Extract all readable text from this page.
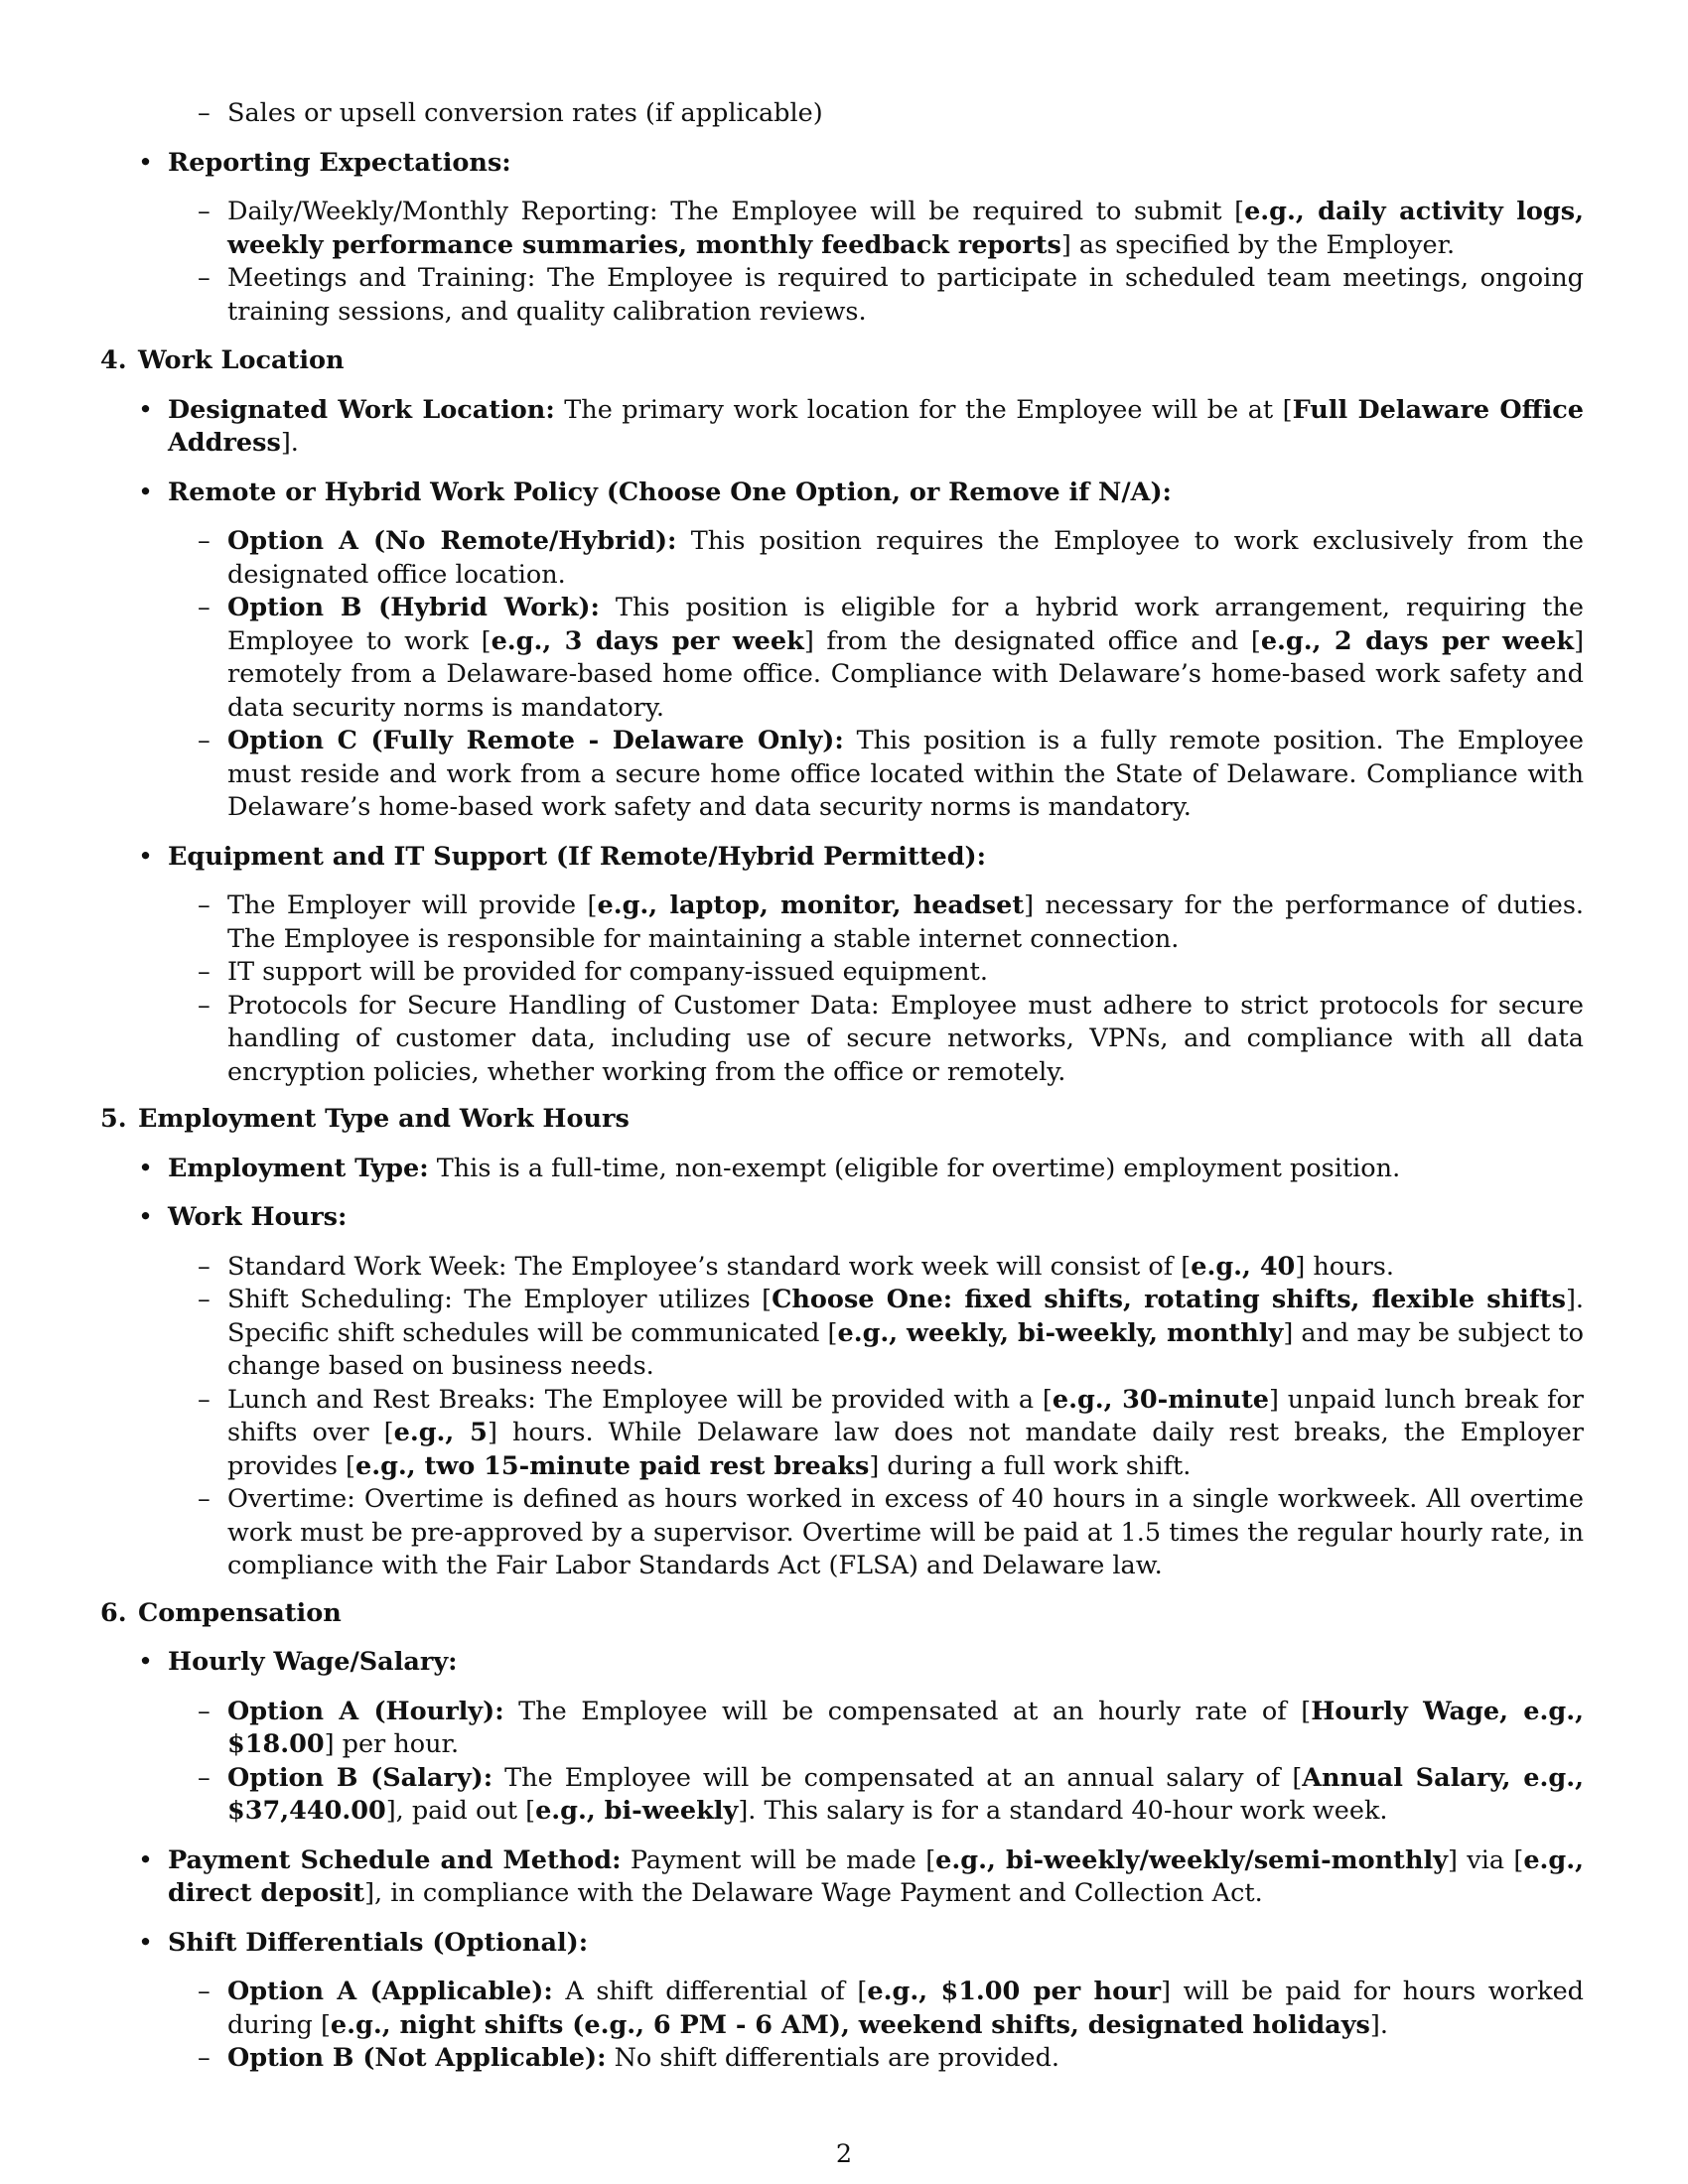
– Sales or upsell conversion rates (if applicable)
• Reporting Expectations:
– Daily/Weekly/Monthly Reporting: The Employee will be required to submit [e.g., daily activity logs, weekly performance summaries, monthly feedback reports] as specified by the Employer.
– Meetings and Training: The Employee is required to participate in scheduled team meetings, ongoing training sessions, and quality calibration reviews.
4. Work Location
• Designated Work Location: The primary work location for the Employee will be at [Full Delaware Office Address].
• Remote or Hybrid Work Policy (Choose One Option, or Remove if N/A):
– Option A (No Remote/Hybrid): This position requires the Employee to work exclusively from the designated office location.
– Option B (Hybrid Work): This position is eligible for a hybrid work arrangement, requiring the Employee to work [e.g., 3 days per week] from the designated office and [e.g., 2 days per week] remotely from a Delaware-based home office. Compliance with Delaware’s home-based work safety and data security norms is mandatory.
– Option C (Fully Remote - Delaware Only): This position is a fully remote position. The Employee must reside and work from a secure home office located within the State of Delaware. Compliance with Delaware’s home-based work safety and data security norms is mandatory.
• Equipment and IT Support (If Remote/Hybrid Permitted):
– The Employer will provide [e.g., laptop, monitor, headset] necessary for the performance of duties. The Employee is responsible for maintaining a stable internet connection.
– IT support will be provided for company-issued equipment.
– Protocols for Secure Handling of Customer Data: Employee must adhere to strict protocols for secure handling of customer data, including use of secure networks, VPNs, and compliance with all data encryption policies, whether working from the office or remotely.
5. Employment Type and Work Hours
• Employment Type: This is a full-time, non-exempt (eligible for overtime) employment position.
• Work Hours:
– Standard Work Week: The Employee’s standard work week will consist of [e.g., 40] hours.
– Shift Scheduling: The Employer utilizes [Choose One: fixed shifts, rotating shifts, flexible shifts]. Specific shift schedules will be communicated [e.g., weekly, bi-weekly, monthly] and may be subject to change based on business needs.
– Lunch and Rest Breaks: The Employee will be provided with a [e.g., 30-minute] unpaid lunch break for shifts over [e.g., 5] hours. While Delaware law does not mandate daily rest breaks, the Employer provides [e.g., two 15-minute paid rest breaks] during a full work shift.
– Overtime: Overtime is defined as hours worked in excess of 40 hours in a single workweek. All overtime work must be pre-approved by a supervisor. Overtime will be paid at 1.5 times the regular hourly rate, in compliance with the Fair Labor Standards Act (FLSA) and Delaware law.
6. Compensation
• Hourly Wage/Salary:
– Option A (Hourly): The Employee will be compensated at an hourly rate of [Hourly Wage, e.g., $18.00] per hour.
– Option B (Salary): The Employee will be compensated at an annual salary of [Annual Salary, e.g., $37,440.00], paid out [e.g., bi-weekly]. This salary is for a standard 40-hour work week.
• Payment Schedule and Method: Payment will be made [e.g., bi-weekly/weekly/semi-monthly] via [e.g., direct deposit], in compliance with the Delaware Wage Payment and Collection Act.
• Shift Differentials (Optional):
– Option A (Applicable): A shift differential of [e.g., $1.00 per hour] will be paid for hours worked during [e.g., night shifts (e.g., 6 PM - 6 AM), weekend shifts, designated holidays].
– Option B (Not Applicable): No shift differentials are provided.
2
